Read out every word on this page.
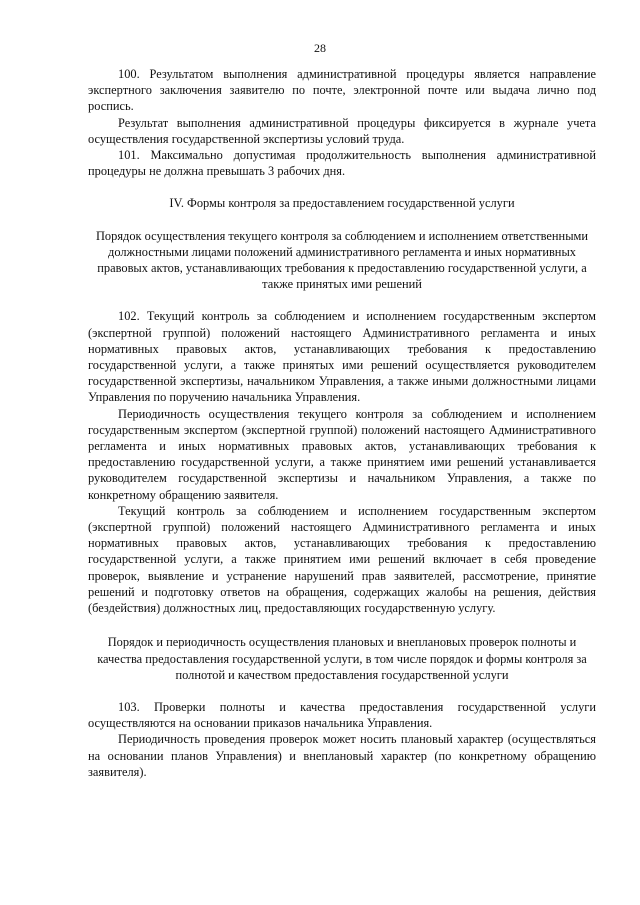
28

100. Результатом выполнения административной процедуры является направление экспертного заключения заявителю по почте, электронной почте или выдача лично под роспись.

Результат выполнения административной процедуры фиксируется в журнале учета осуществления государственной экспертизы условий труда.

101. Максимально допустимая продолжительность выполнения административной процедуры не должна превышать 3 рабочих дня.

IV. Формы контроля за предоставлением государственной услуги

Порядок осуществления текущего контроля за соблюдением и исполнением ответственными должностными лицами положений административного регламента и иных нормативных правовых актов, устанавливающих требования к предоставлению государственной услуги, а также принятых ими решений

102. Текущий контроль за соблюдением и исполнением государственным экспертом (экспертной группой) положений настоящего Административного регламента и иных нормативных правовых актов, устанавливающих требования к предоставлению государственной услуги, а также принятых ими решений осуществляется руководителем государственной экспертизы, начальником Управления, а также иными должностными лицами Управления по поручению начальника Управления.

Периодичность осуществления текущего контроля за соблюдением и исполнением государственным экспертом (экспертной группой) положений настоящего Административного регламента и иных нормативных правовых актов, устанавливающих требования к предоставлению государственной услуги, а также принятием ими решений устанавливается руководителем государственной экспертизы и начальником Управления, а также по конкретному обращению заявителя.

Текущий контроль за соблюдением и исполнением государственным экспертом (экспертной группой) положений настоящего Административного регламента и иных нормативных правовых актов, устанавливающих требования к предоставлению государственной услуги, а также принятием ими решений включает в себя проведение проверок, выявление и устранение нарушений прав заявителей, рассмотрение, принятие решений и подготовку ответов на обращения, содержащих жалобы на решения, действия (бездействия) должностных лиц, предоставляющих государственную услугу.

Порядок и периодичность осуществления плановых и внеплановых проверок полноты и качества предоставления государственной услуги, в том числе порядок и формы контроля за полнотой и качеством предоставления государственной услуги

103. Проверки полноты и качества предоставления государственной услуги осуществляются на основании приказов начальника Управления.

Периодичность проведения проверок может носить плановый характер (осуществляться на основании планов Управления) и внеплановый характер (по конкретному обращению заявителя).
